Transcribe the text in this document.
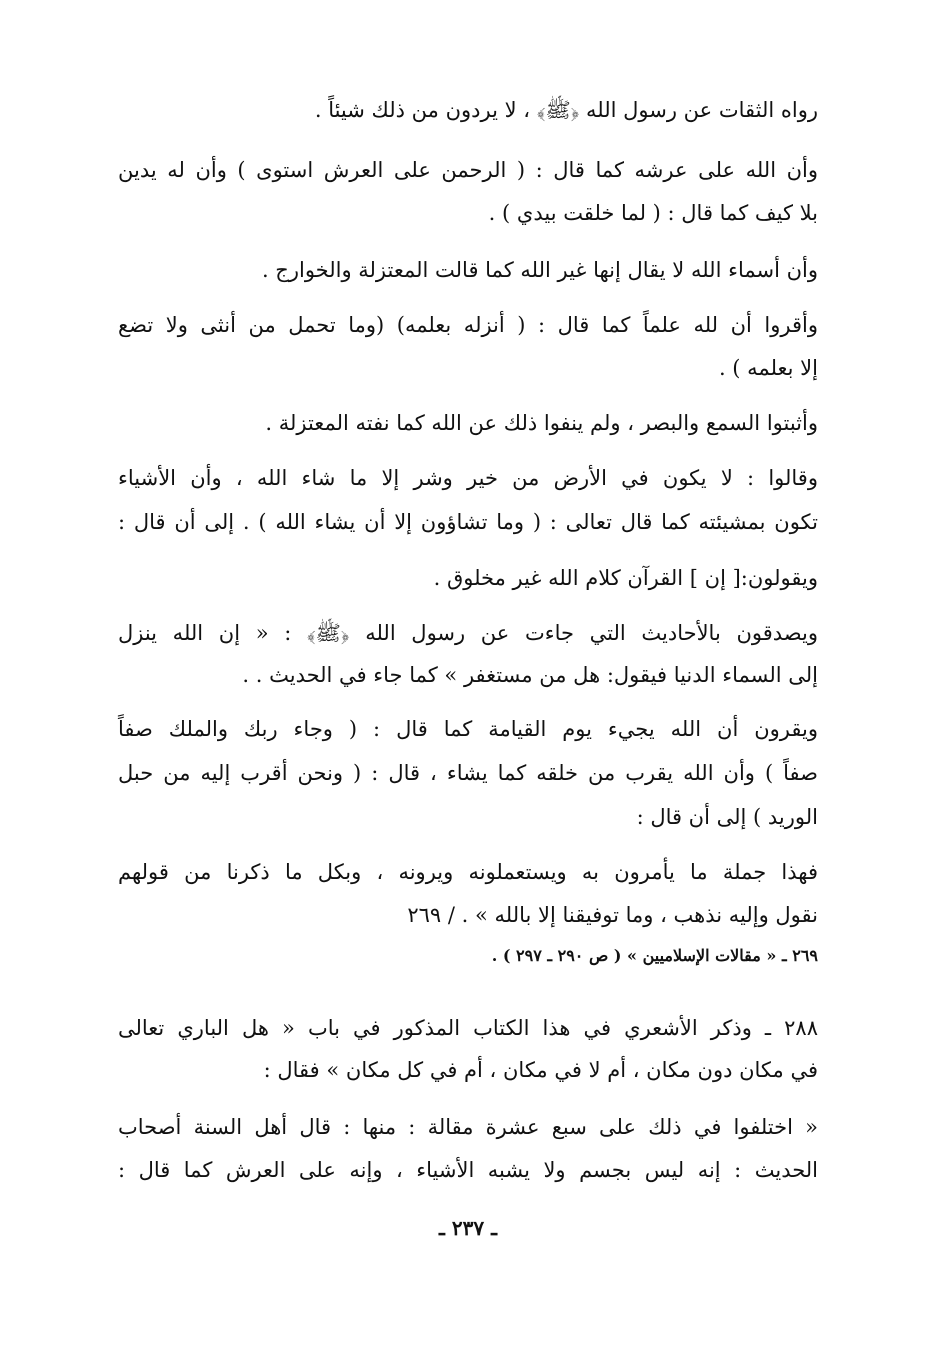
رواه الثقات عن رسول الله ﴿ﷺ﴾ ، لا يردون من ذلك شيئاً .
وأن الله على عرشه كما قال : ( الرحمن على العرش استوى ) وأن له يدين
بلا كيف كما قال : ( لما خلقت بيدي ) .
وأن أسماء الله لا يقال إنها غير الله كما قالت المعتزلة والخوارج .
وأقروا أن لله علماً كما قال : ( أنزله بعلمه) (وما تحمل من أنثى ولا تضع
إلا بعلمه ) .
وأثبتوا السمع والبصر ، ولم ينفوا ذلك عن الله كما نفته المعتزلة .
وقالوا : لا يكون في الأرض من خير وشر إلا ما شاء الله ، وأن الأشياء
تكون بمشيئته كما قال تعالى : ( وما تشاؤون إلا أن يشاء الله ) . إلى أن قال :
ويقولون:[ إن ] القرآن كلام الله غير مخلوق .
ويصدقون بالأحاديث التي جاءت عن رسول الله ﴿ﷺ﴾ : « إن الله ينزل
إلى السماء الدنيا فيقول: هل من مستغفر » كما جاء في الحديث . .
ويقرون أن الله يجيء يوم القيامة كما قال : ( وجاء ربك والملك صفاً
صفاً ) وأن الله يقرب من خلقه كما يشاء ، قال : ( ونحن أقرب إليه من حبل
الوريد ) إلى أن قال :
فهذا جملة ما يأمرون به ويستعملونه ويرونه ، وبكل ما ذكرنا من قولهم
نقول وإليه نذهب ، وما توفيقنا إلا بالله » . / ٢٦٩
٢٦٩ ـ « مقالات الإسلاميين » ( ص ٢٩٠ ـ ٢٩٧ ) .
٢٨٨ ـ وذكر الأشعري في هذا الكتاب المذكور في باب « هل الباري تعالى
في مكان دون مكان ، أم لا في مكان ، أم في كل مكان » فقال :
« اختلفوا في ذلك على سبع عشرة مقالة : منها : قال أهل السنة أصحاب
الحديث : إنه ليس بجسم ولا يشبه الأشياء ، وإنه على العرش كما قال :
ـ ٢٣٧ ـ
